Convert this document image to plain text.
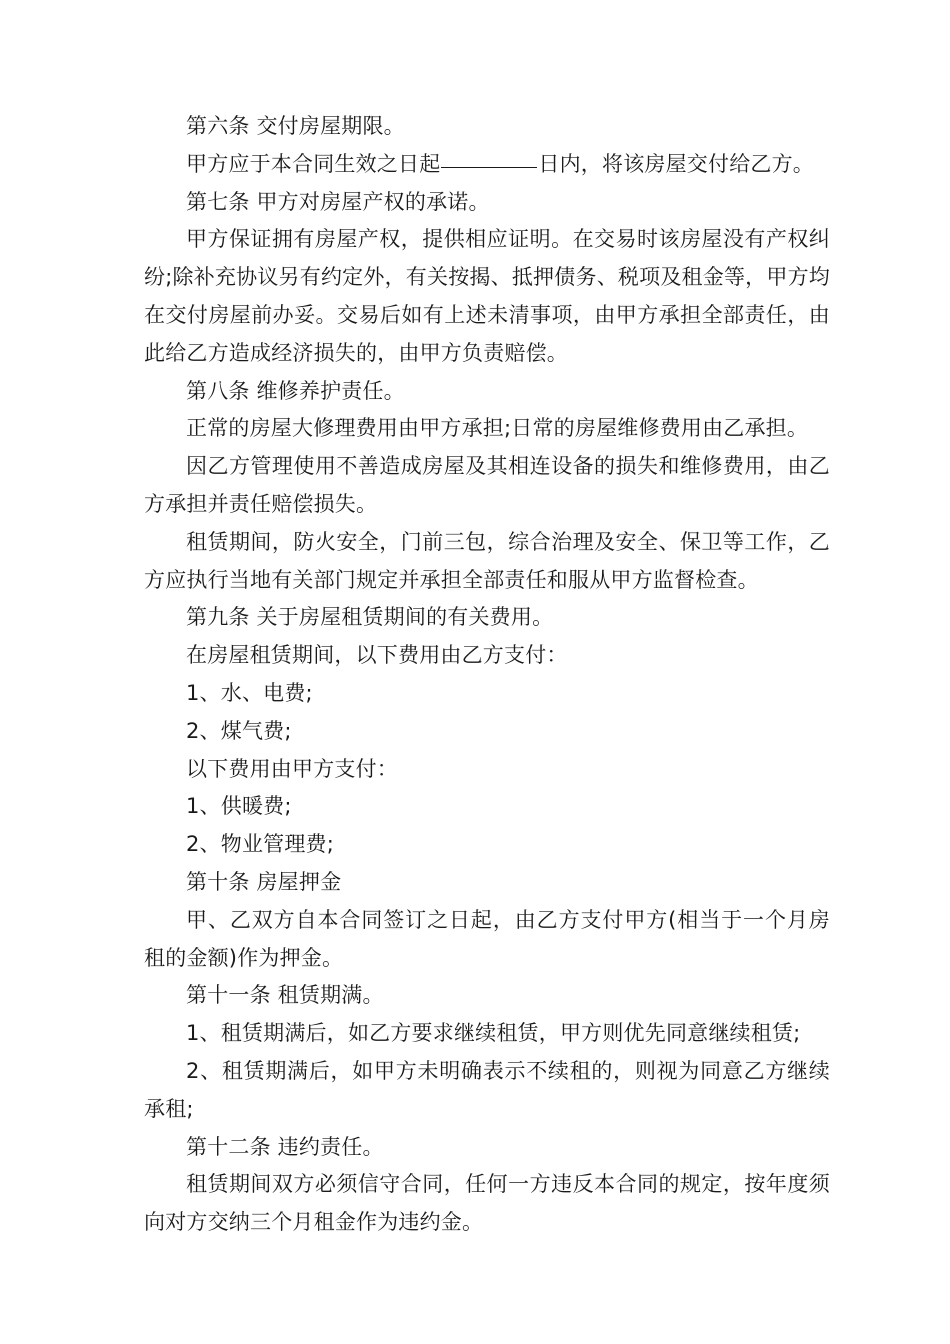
第六条 交付房屋期限。

甲方应于本合同生效之日起	日内，将该房屋交付给乙方。

第七条 甲方对房屋产权的承诺。

甲方保证拥有房屋产权，提供相应证明。在交易时该房屋没有产权纠纷;除补充协议另有约定外，有关按揭、抵押债务、税项及租金等，甲方均在交付房屋前办妥。交易后如有上述未清事项，由甲方承担全部责任，由此给乙方造成经济损失的，由甲方负责赔偿。

第八条 维修养护责任。

正常的房屋大修理费用由甲方承担;日常的房屋维修费用由乙承担。

因乙方管理使用不善造成房屋及其相连设备的损失和维修费用，由乙方承担并责任赔偿损失。

租赁期间，防火安全，门前三包，综合治理及安全、保卫等工作，乙方应执行当地有关部门规定并承担全部责任和服从甲方监督检查。

第九条 关于房屋租赁期间的有关费用。

在房屋租赁期间，以下费用由乙方支付：

1、水、电费;

2、煤气费;

以下费用由甲方支付：

1、供暖费;

2、物业管理费;

第十条 房屋押金

甲、乙双方自本合同签订之日起，由乙方支付甲方(相当于一个月房租的金额)作为押金。

第十一条 租赁期满。

1、租赁期满后，如乙方要求继续租赁，甲方则优先同意继续租赁;

2、租赁期满后，如甲方未明确表示不续租的，则视为同意乙方继续承租;

第十二条 违约责任。

租赁期间双方必须信守合同，任何一方违反本合同的规定，按年度须向对方交纳三个月租金作为违约金。
